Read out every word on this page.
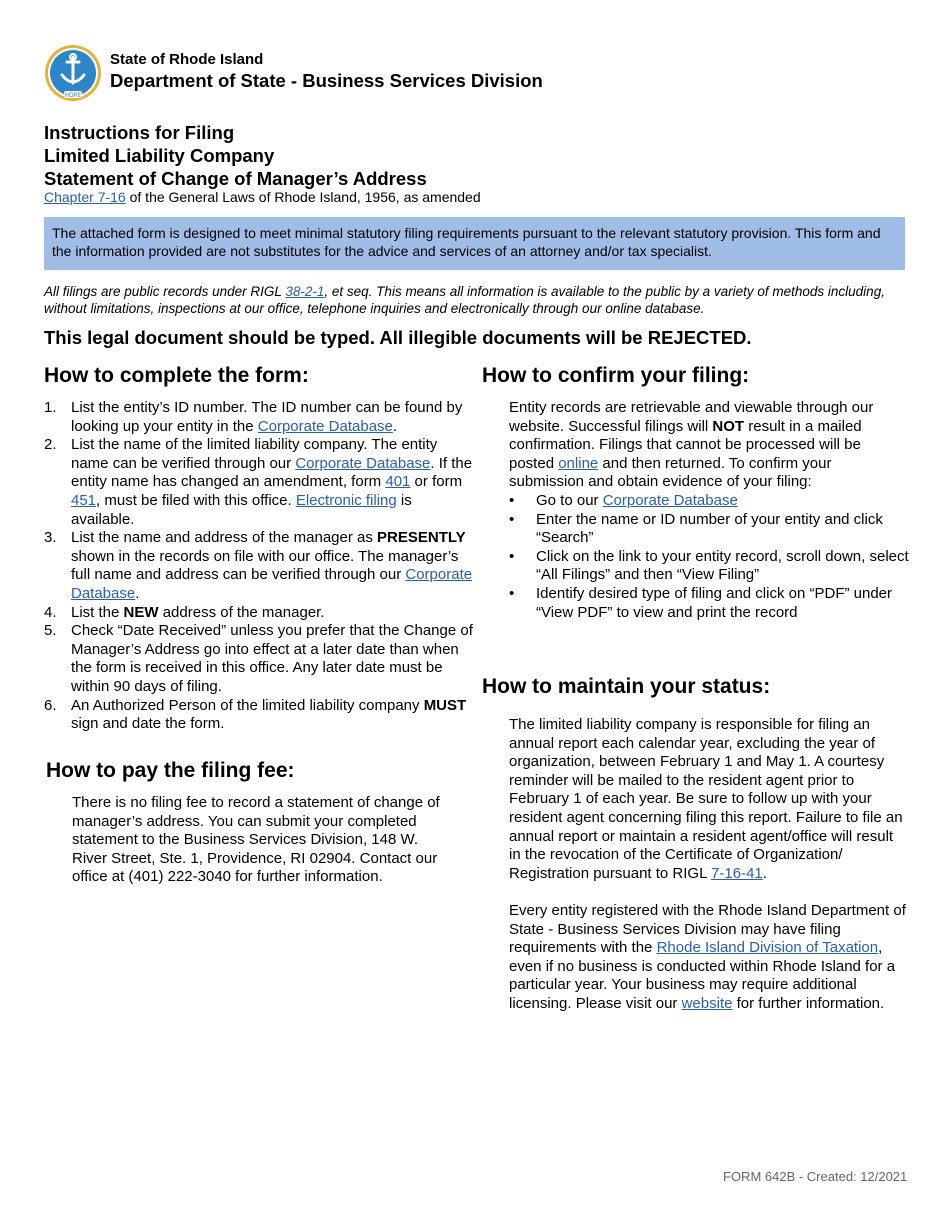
HOPE
State of Rhode Island
Department of State - Business Services Division
Instructions for Filing
Limited Liability Company
Statement of Change of Manager’s Address
Chapter 7-16 of the General Laws of Rhode Island, 1956, as amended
The attached form is designed to meet minimal statutory filing requirements pursuant to the relevant statutory provision. This form and the information provided are not substitutes for the advice and services of an attorney and/or tax specialist.
All filings are public records under RIGL 38-2-1, et seq. This means all information is available to the public by a variety of methods including, without limitations, inspections at our office, telephone inquiries and electronically through our online database.
This legal document should be typed. All illegible documents will be REJECTED.
How to complete the form:
1. List the entity’s ID number. The ID number can be found by looking up your entity in the Corporate Database.
2. List the name of the limited liability company. The entity name can be verified through our Corporate Database. If the entity name has changed an amendment, form 401 or form 451, must be filed with this office. Electronic filing is available.
3. List the name and address of the manager as PRESENTLY shown in the records on file with our office. The manager’s full name and address can be verified through our Corporate Database.
4. List the NEW address of the manager.
5. Check “Date Received” unless you prefer that the Change of Manager’s Address go into effect at a later date than when the form is received in this office. Any later date must be within 90 days of filing.
6. An Authorized Person of the limited liability company MUST sign and date the form.
How to confirm your filing:
Entity records are retrievable and viewable through our website. Successful filings will NOT result in a mailed confirmation. Filings that cannot be processed will be posted online and then returned. To confirm your submission and obtain evidence of your filing:
• Go to our Corporate Database
• Enter the name or ID number of your entity and click “Search”
• Click on the link to your entity record, scroll down, select “All Filings” and then “View Filing”
• Identify desired type of filing and click on “PDF” under “View PDF” to view and print the record
How to pay the filing fee:
There is no filing fee to record a statement of change of manager’s address. You can submit your completed statement to the Business Services Division, 148 W. River Street, Ste. 1, Providence, RI 02904. Contact our office at (401) 222-3040 for further information.
How to maintain your status:
The limited liability company is responsible for filing an annual report each calendar year, excluding the year of organization, between February 1 and May 1. A courtesy reminder will be mailed to the resident agent prior to February 1 of each year. Be sure to follow up with your resident agent concerning filing this report. Failure to file an annual report or maintain a resident agent/office will result in the revocation of the Certificate of Organization/ Registration pursuant to RIGL 7-16-41.
Every entity registered with the Rhode Island Department of State - Business Services Division may have filing requirements with the Rhode Island Division of Taxation, even if no business is conducted within Rhode Island for a particular year. Your business may require additional licensing. Please visit our website for further information.
FORM 642B - Created: 12/2021
